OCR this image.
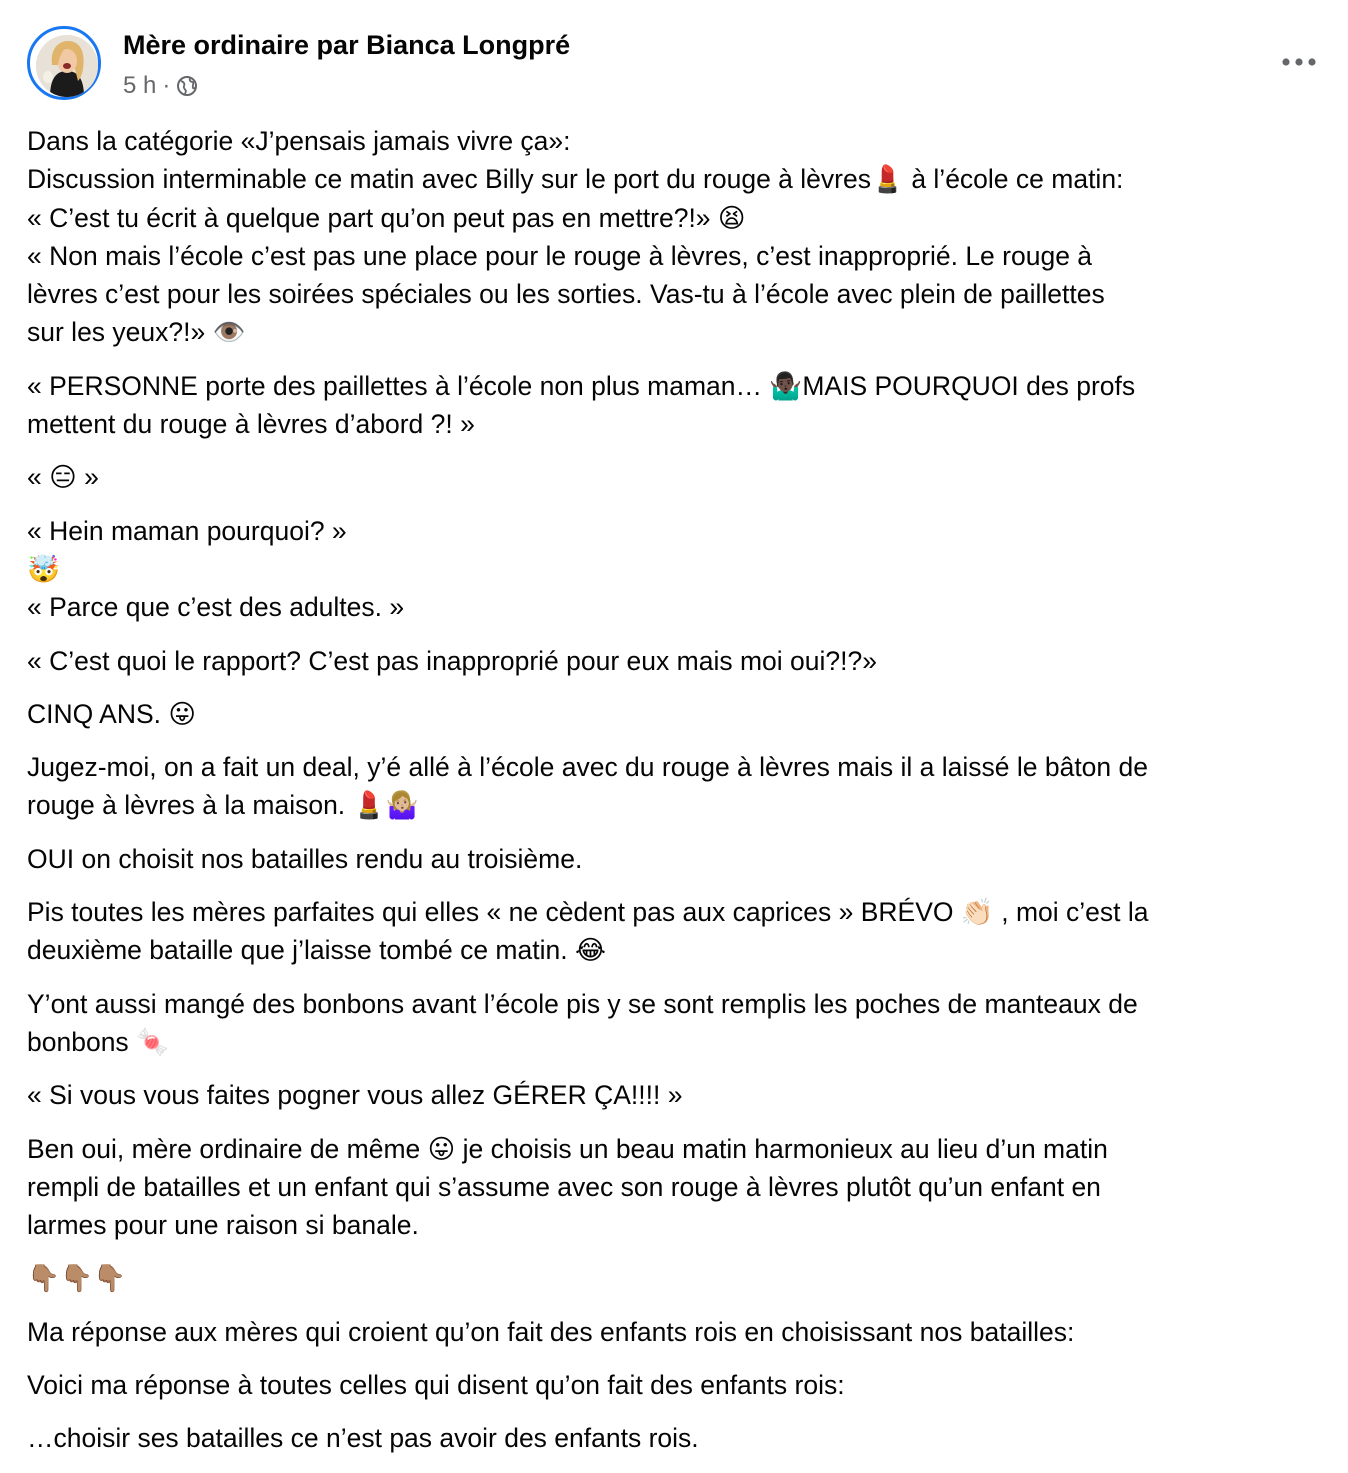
Mère ordinaire par Bianca Longpré
5 h ·
Dans la catégorie «J’pensais jamais vivre ça»:
Discussion interminable ce matin avec Billy sur le port du rouge à lèvres💄 à l’école ce matin:
« C’est tu écrit à quelque part qu’on peut pas en mettre?!» 😫
« Non mais l’école c’est pas une place pour le rouge à lèvres, c’est inapproprié. Le rouge à
lèvres c’est pour les soirées spéciales ou les sorties. Vas-tu à l’école avec plein de paillettes
sur les yeux?!» 👁️
« PERSONNE porte des paillettes à l’école non plus maman… 🤷🏿‍♂️MAIS POURQUOI des profs
mettent du rouge à lèvres d’abord ?! »
« 😑 »
« Hein maman pourquoi? »
🤯
« Parce que c’est des adultes. »
« C’est quoi le rapport? C’est pas inapproprié pour eux mais moi oui?!?»
CINQ ANS. 😛
Jugez-moi, on a fait un deal, y’é allé à l’école avec du rouge à lèvres mais il a laissé le bâton de
rouge à lèvres à la maison. 💄🤷🏼‍♀️
OUI on choisit nos batailles rendu au troisième.
Pis toutes les mères parfaites qui elles « ne cèdent pas aux caprices » BRÉVO 👏🏻 , moi c’est la
deuxième bataille que j’laisse tombé ce matin. 😂
Y’ont aussi mangé des bonbons avant l’école pis y se sont remplis les poches de manteaux de
bonbons 🍬
« Si vous vous faites pogner vous allez GÉRER ÇA!!!! »
Ben oui, mère ordinaire de même 😛 je choisis un beau matin harmonieux au lieu d’un matin
rempli de batailles et un enfant qui s’assume avec son rouge à lèvres plutôt qu’un enfant en
larmes pour une raison si banale.
👇🏽👇🏽👇🏽
Ma réponse aux mères qui croient qu’on fait des enfants rois en choisissant nos batailles:
Voici ma réponse à toutes celles qui disent qu’on fait des enfants rois:
…choisir ses batailles ce n’est pas avoir des enfants rois.
